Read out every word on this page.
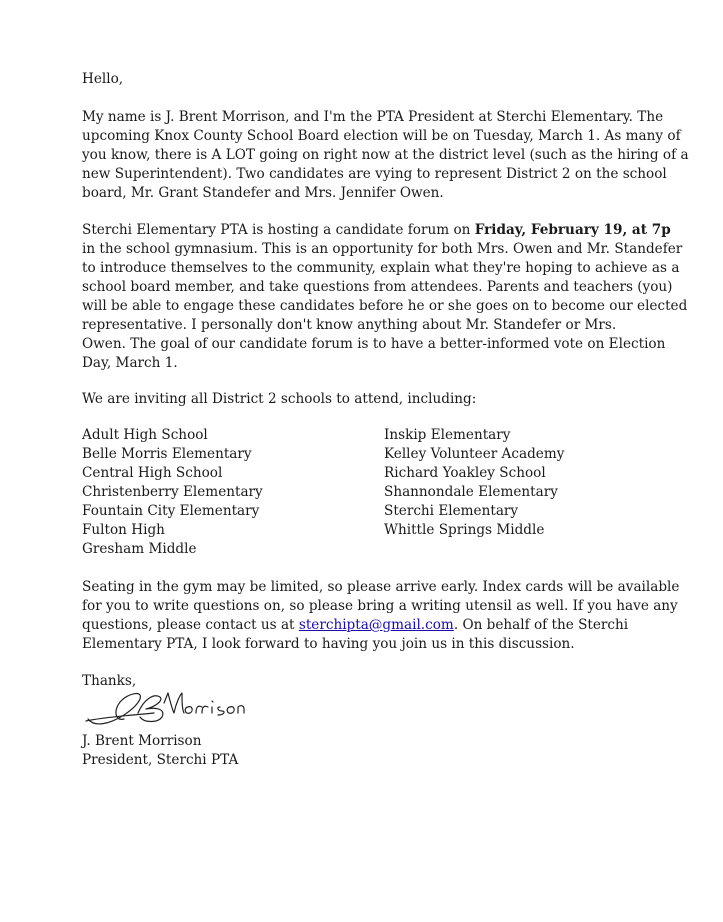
Hello,

My name is J. Brent Morrison, and I'm the PTA President at Sterchi Elementary. The
upcoming Knox County School Board election will be on Tuesday, March 1. As many of
you know, there is A LOT going on right now at the district level (such as the hiring of a
new Superintendent). Two candidates are vying to represent District 2 on the school
board, Mr. Grant Standefer and Mrs. Jennifer Owen.

Sterchi Elementary PTA is hosting a candidate forum on Friday, February 19, at 7p
in the school gymnasium. This is an opportunity for both Mrs. Owen and Mr. Standefer
to introduce themselves to the community, explain what they're hoping to achieve as a
school board member, and take questions from attendees. Parents and teachers (you)
will be able to engage these candidates before he or she goes on to become our elected
representative. I personally don't know anything about Mr. Standefer or Mrs.
Owen. The goal of our candidate forum is to have a better-informed vote on Election
Day, March 1.

We are inviting all District 2 schools to attend, including:

Adult High School
Belle Morris Elementary
Central High School
Christenberry Elementary
Fountain City Elementary
Fulton High
Gresham Middle
Inskip Elementary
Kelley Volunteer Academy
Richard Yoakley School
Shannondale Elementary
Sterchi Elementary
Whittle Springs Middle

Seating in the gym may be limited, so please arrive early. Index cards will be available
for you to write questions on, so please bring a writing utensil as well. If you have any
questions, please contact us at sterchipta@gmail.com. On behalf of the Sterchi
Elementary PTA, I look forward to having you join us in this discussion.

Thanks,

J. Brent Morrison
President, Sterchi PTA
